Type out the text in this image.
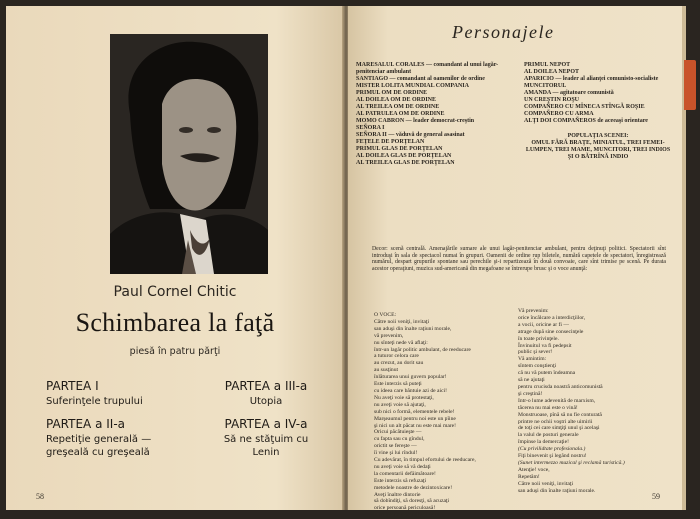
Paul Cornel Chitic
Schimbarea la faţă
piesă în patru părţi
PARTEA I
Suferinţele trupului
PARTEA a II-a
Repetiţie generală — greşeală cu greşeală
PARTEA a III-a
Utopia
PARTEA a IV-a
Să ne stăţuim cu Lenin
58
Personajele

MARESALUL CORALES — comandant al unui lagăr-penitenciar ambulant

SANTIAGO — comandant al oamenilor de ordine

MISTER LOLITA MUNDIAL COMPANIA

PRIMUL OM DE ORDINE

AL DOILEA OM DE ORDINE

AL TREILEA OM DE ORDINE

AL PATRULEA OM DE ORDINE

MOMO CABRON — leader democrat-creştin

SEÑORA I

SEÑORA II — văduvă de general asasinat

FEŢELE DE PORŢELAN

PRIMUL GLAS DE PORŢELAN

AL DOILEA GLAS DE PORŢELAN

AL TREILEA GLAS DE PORŢELAN

PRIMUL NEPOT

AL DOILEA NEPOT

APARICIO — leader al alianţei comunisto-socialiste

MUNCITORUL

AMANDA — agitatoare comunistă

UN CREŞTIN ROŞU

COMPAÑERO CU MÎNECA STÎNGĂ ROŞIE

COMPAÑERO CU ARMA

ALŢI DOI COMPAÑEROS de aceeaşi orientare

POPULAŢIA SCENEI:

OMUL FĂRĂ BRAŢE, MINIATUL, TREI FEMEI-LUMPEN, TREI MAME, MUNCITORI, TREI INDIOS ŞI O BĂTRÎNĂ INDIO

Decor: scenă centrală. Amenajările sumare ale unui lagăr-penitenciar ambulant, pentru deţinuţi politici. Spectatorii sînt introduşi în sala de spectacol numai în grupuri. Oamenii de ordine rup biletele, numără capetele de spectatori, înregistrează numărul, despart grupurile spontane sau perechile şi-i repartizează în două convoaie, care sînt trimise pe scenă. Pe durata acestor operaţiuni, muzica sud-americană din megafoane se întrerupe brusc şi o voce anunţă:

O VOCE:

Către noii veniţi, invitaţi

san aduşi din înalte raţiuni morale,

vă prevenim,

nu sînteţi nede vă aflaţi:

într-un lagăr politic ambulant, de reeducare

a tuturor celora care

au crezut, au dorit sau

au susţinut

înlăturarea unui guvern popular!

Este interzis să puteţi

cu ideea care băntuie azi de aici!

Nu aveţi voie să protestaţi,

nu aveţi voie să ajutaţi,

sub nici o formă, elementele rebele!

Marşeaumul pentru noi este un pîine

şi nici un alt păcat nu este mai mare!

Oricui păcătuieşte —

cu fapta sau cu gîndul,

orictit se fereşte —

îi vine şi lui rîndul!

Cu adevărat, în timpul efortului de reeducare,

nu aveţi voie să vă dedaţi

la comentarii defăimătoare!

Este interzis să refuzaţi

metodele noastre de dezintoxicare!

Aveţi înaltre dintorie

să dobîndiţi, să doresţi, să acuzaţi

orice persoană periculoasă!

Orice bănuit poate fi acuzat!

Vă prevenim:

orice încălcare a interdicţiilor,

a vocii, oricine ar fi —

atrage după sine consecinţele

în toate privinţele.

Învinuitul va fi pedepsit

public şi sever!

Vă amintim:

sîntem conştienţi

că nu vă putem îndeamna

să ne ajutaţi

pentru crucisda noastră anticomunistă

şi creştină!

Intr-o lume adevenită de marxism,

tăcerea nu mai este o vină!

Monstruoase, pînă să nu fie conturată

printre ne ochii voştri alte uimirii

de toţi cei care simţiţi unul şi acelaşi

la valul de posturi generale

împinse la demercaţie!

(Cu privilidtate profesionala.)

Fiţi binevenit şi legănd nostru!

(Sunet intermezzo muzical şi reclamă turistică.)

Atenţie! voce,

Repetăm!

Către noii veniţi, invitaţi

san aduşi din înalte raţiuni morale.

59
